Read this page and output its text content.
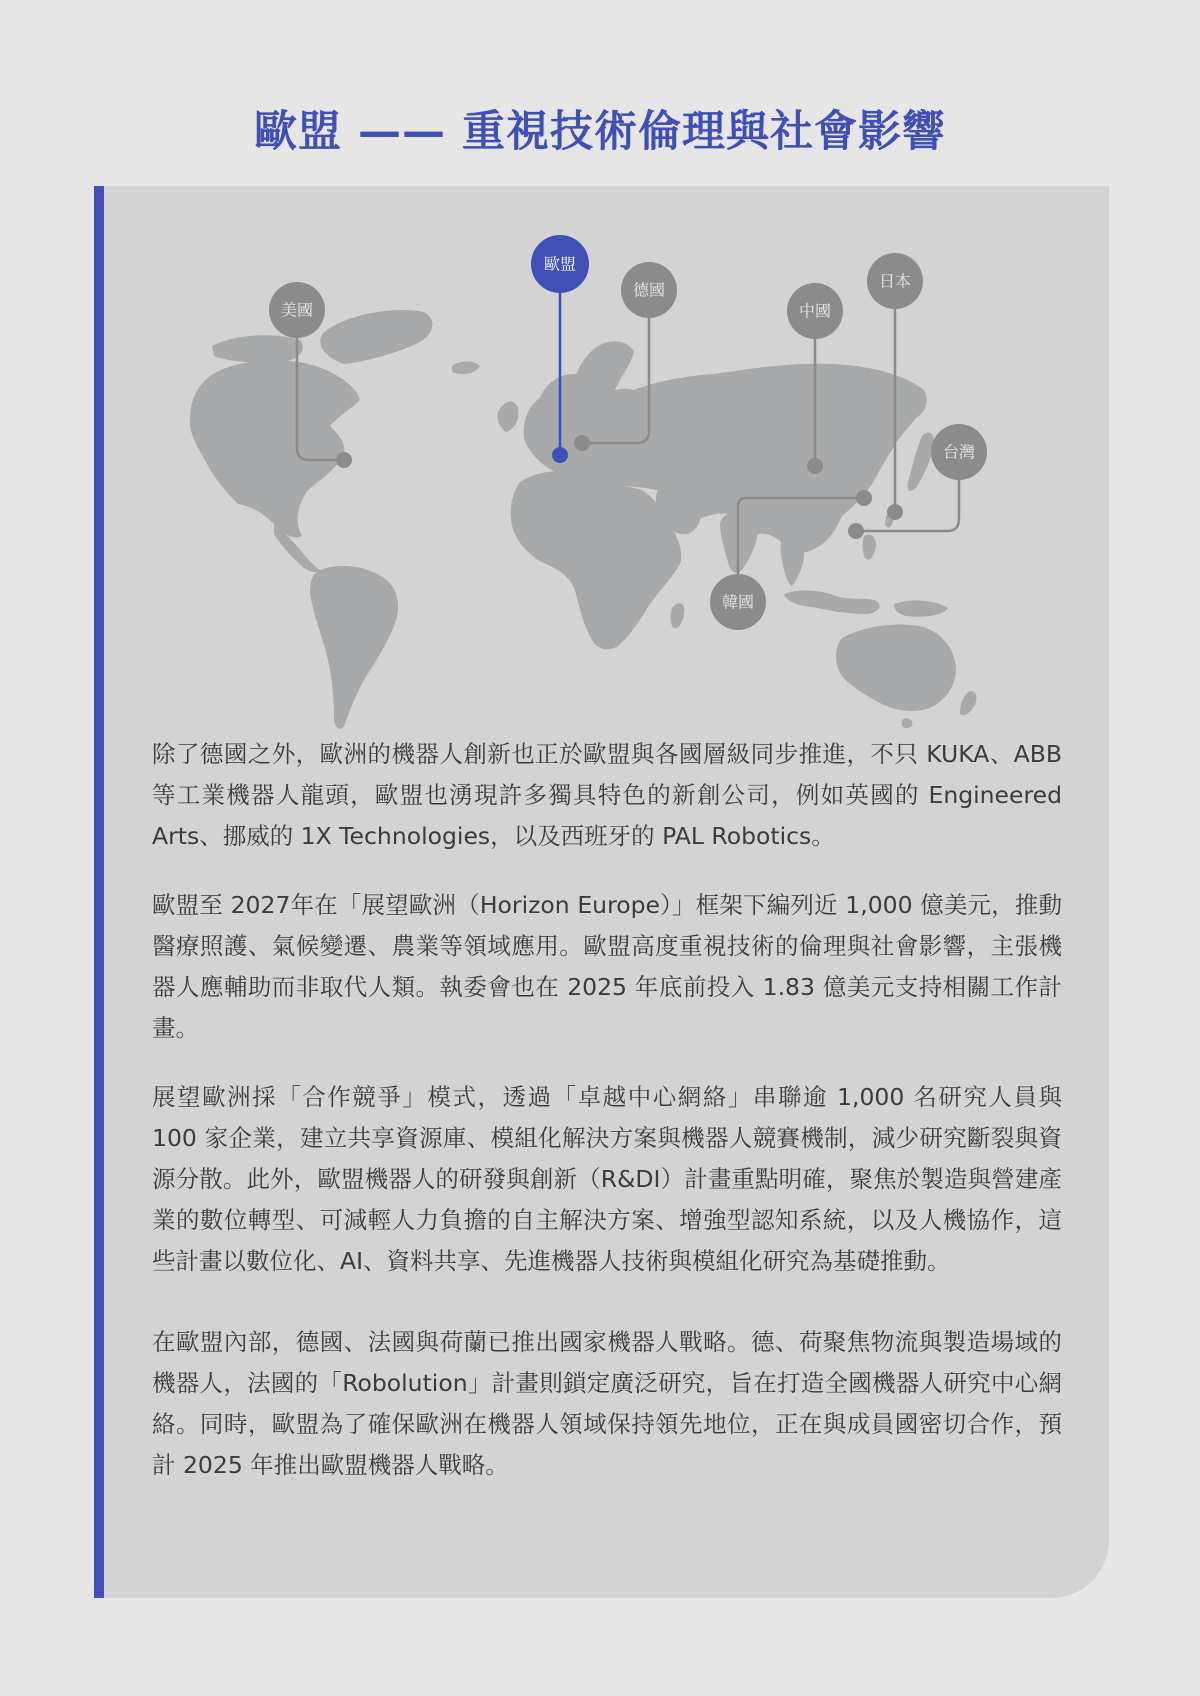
歐盟 —— 重視技術倫理與社會影響
美國
歐盟
德國
中國
日本
台灣
韓國

除了德國之外，歐洲的機器人創新也正於歐盟與各國層級同步推進，不只 KUKA、ABB 等工業機器人龍頭，歐盟也湧現許多獨具特色的新創公司，例如英國的 Engineered Arts、挪威的 1X Technologies，以及西班牙的 PAL Robotics。

歐盟至 2027年在「展望歐洲（Horizon Europe）」框架下編列近 1,000 億美元，推動醫療照護、氣候變遷、農業等領域應用。歐盟高度重視技術的倫理與社會影響，主張機器人應輔助而非取代人類。執委會也在 2025 年底前投入 1.83 億美元支持相關工作計畫。

展望歐洲採「合作競爭」模式，透過「卓越中心網絡」串聯逾 1,000 名研究人員與 100 家企業，建立共享資源庫、模組化解決方案與機器人競賽機制，減少研究斷裂與資源分散。此外，歐盟機器人的研發與創新（R&DI）計畫重點明確，聚焦於製造與營建產業的數位轉型、可減輕人力負擔的自主解決方案、增強型認知系統，以及人機協作，這些計畫以數位化、AI、資料共享、先進機器人技術與模組化研究為基礎推動。

在歐盟內部，德國、法國與荷蘭已推出國家機器人戰略。德、荷聚焦物流與製造場域的機器人，法國的「Robolution」計畫則鎖定廣泛研究，旨在打造全國機器人研究中心網絡。同時，歐盟為了確保歐洲在機器人領域保持領先地位，正在與成員國密切合作，預計 2025 年推出歐盟機器人戰略。
